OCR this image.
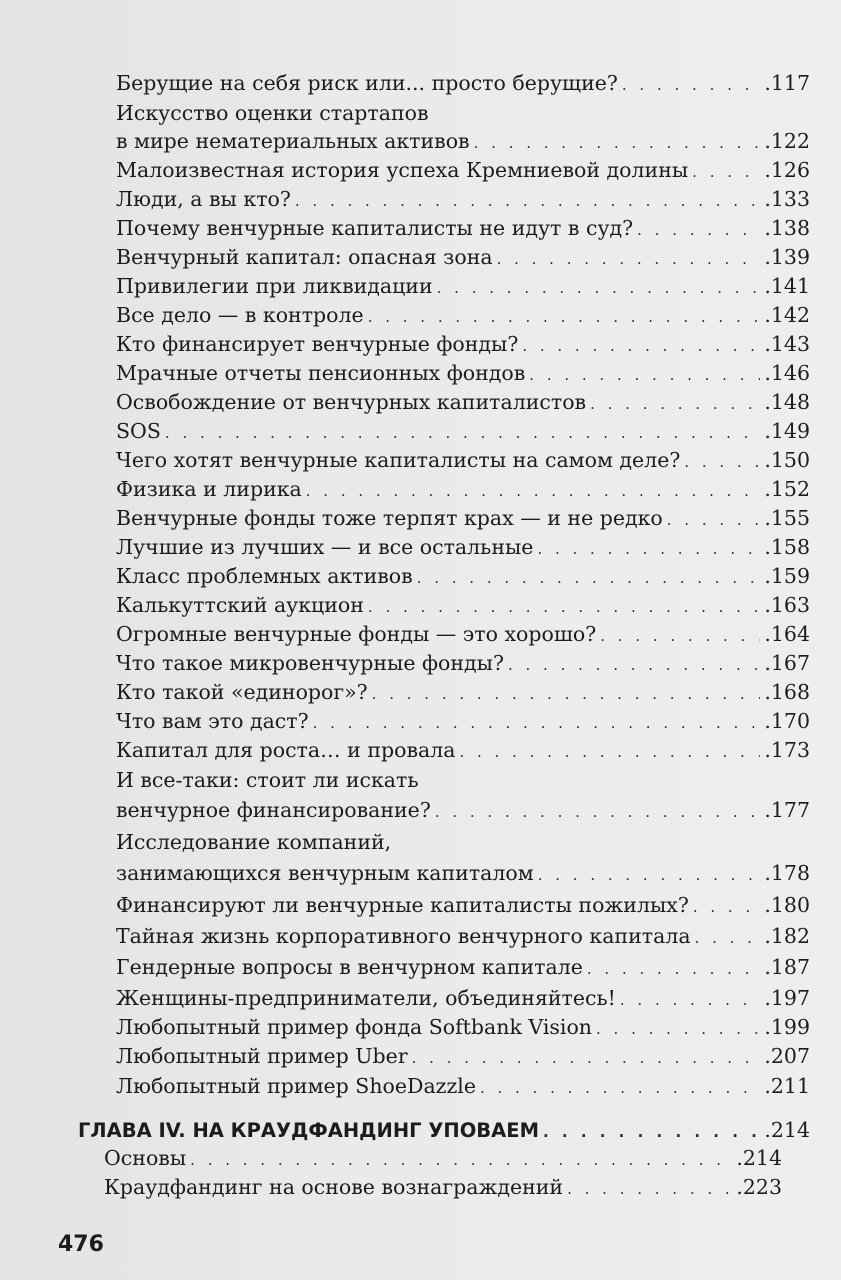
Берущие на себя риск или... просто берущие? . . .	.117
Искусство оценки стартапов
в мире нематериальных активов . . .	.122
Малоизвестная история успеха Кремниевой долины . . .	.126
Люди, а вы кто? . . .	.133
Почему венчурные капиталисты не идут в суд? . . .	.138
Венчурный капитал: опасная зона . . .	.139
Привилегии при ликвидации . . .	.141
Все дело — в контроле . . .	.142
Кто финансирует венчурные фонды? . . .	.143
Мрачные отчеты пенсионных фондов . . .	.146
Освобождение от венчурных капиталистов . . .	.148
SOS . . .	.149
Чего хотят венчурные капиталисты на самом деле? . . .	.150
Физика и лирика . . .	.152
Венчурные фонды тоже терпят крах — и не редко . . .	.155
Лучшие из лучших — и все остальные . . .	.158
Класс проблемных активов . . .	.159
Калькуттский аукцион . . .	.163
Огромные венчурные фонды — это хорошо? . . .	.164
Что такое микровенчурные фонды? . . .	.167
Кто такой «единорог»? . . .	.168
Что вам это даст? . . .	.170
Капитал для роста… и провала . . .	.173
И все-таки: стоит ли искать
венчурное финансирование? . . .	.177
Исследование компаний,
занимающихся венчурным капиталом . . .	.178
Финансируют ли венчурные капиталисты пожилых? . . .	.180
Тайная жизнь корпоративного венчурного капитала . . .	.182
Гендерные вопросы в венчурном капитале . . .	.187
Женщины-предприниматели, объединяйтесь! . . .	.197
Любопытный пример фонда Softbank Vision . . .	.199
Любопытный пример Uber . . .	.207
Любопытный пример ShoeDazzle . . .	.211
ГЛАВА IV. НА КРАУДФАНДИНГ УПОВАЕМ . . .	.214
Основы . . .	.214
Краудфандинг на основе вознаграждений . . .	.223
476
